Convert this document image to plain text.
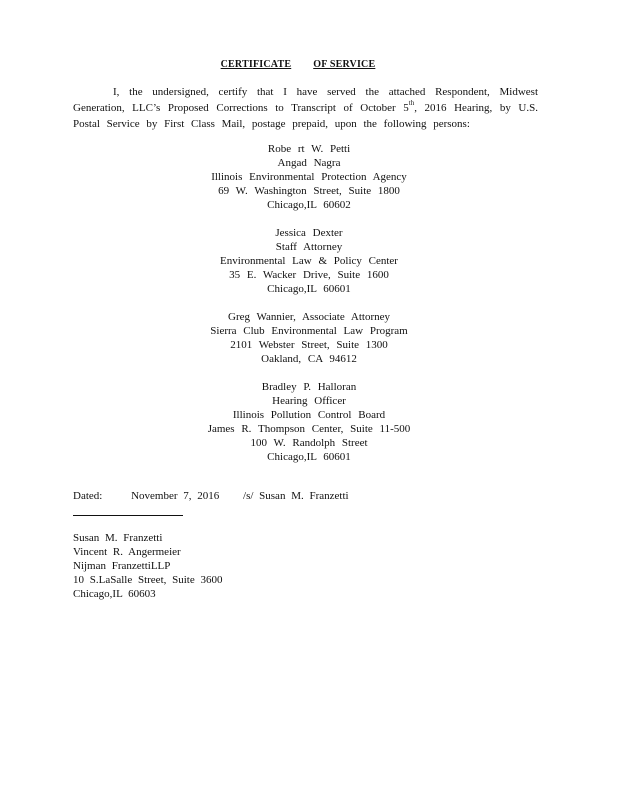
CERTIFICATE OF SERVICE

I, the undersigned, certify that I have served the attached Respondent, Midwest Generation, LLC’s Proposed Corrections to Transcript of October 5th, 2016 Hearing, by U.S. Postal Service by First Class Mail, postage prepaid, upon the following persons:

Robe rt W. Petti
Angad Nagra
Illinois Environmental Protection Agency
69 W. Washington Street, Suite 1800
Chicago,IL 60602
Jessica Dexter
Staff Attorney
Environmental Law & Policy Center
35 E. Wacker Drive, Suite 1600
Chicago,IL 60601
Greg Wannier, Associate Attorney
Sierra Club Environmental Law Program
2101 Webster Street, Suite 1300
Oakland, CA 94612
Bradley P. Halloran
Hearing Officer
Illinois Pollution Control Board
James R. Thompson Center, Suite 11-500
100 W. Randolph Street
Chicago,IL 60601
Dated:	November 7, 2016 /s/ Susan M. Franzetti
Susan M. Franzetti
Vincent R. Angermeier
Nijman FranzettiLLP
10 S.LaSalle Street, Suite 3600
Chicago,IL 60603
